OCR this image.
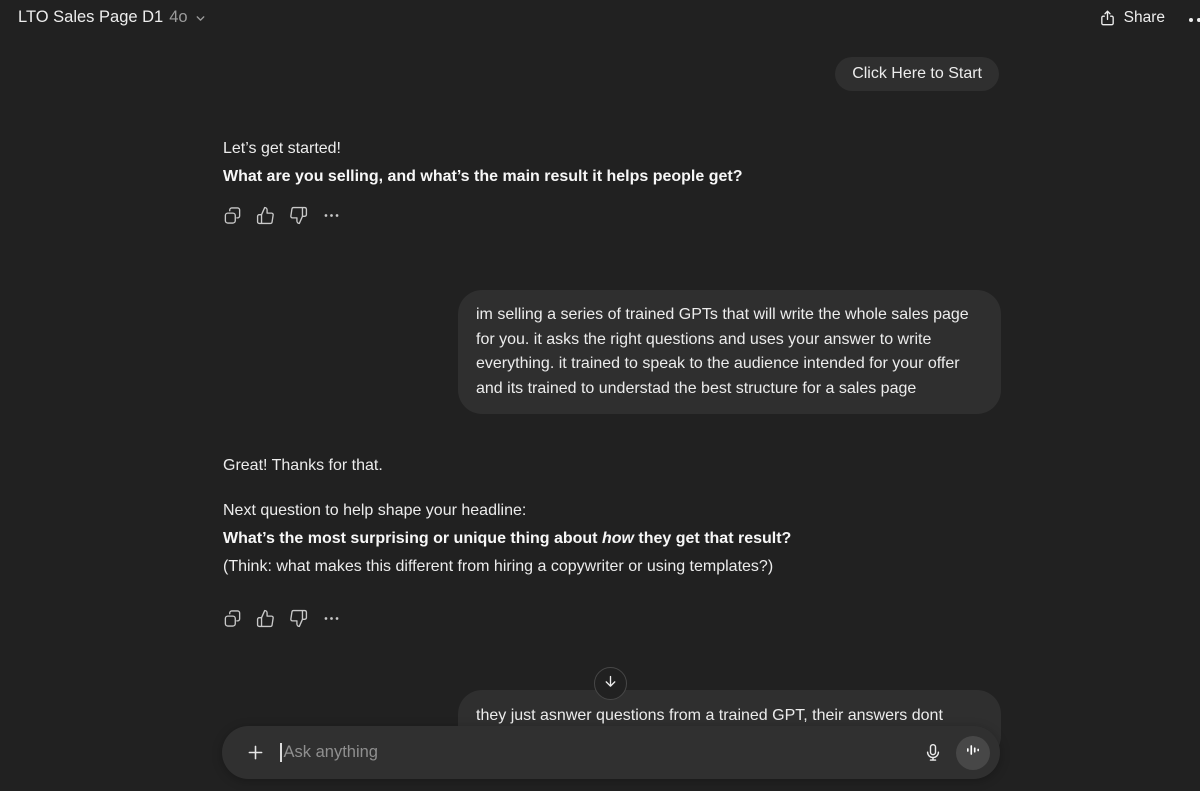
LTO Sales Page D1 4o	Share
Click Here to Start
Let’s get started!
What are you selling, and what’s the main result it helps people get?
im selling a series of trained GPTs that will write the whole sales page for you. it asks the right questions and uses your answer to write everything. it trained to speak to the audience intended for your offer and its trained to understad the best structure for a sales page
Great! Thanks for that.
Next question to help shape your headline:
What’s the most surprising or unique thing about how they get that result?
(Think: what makes this different from hiring a copywriter or using templates?)
they just asnwer questions from a trained GPT, their answers dont
Ask anything
